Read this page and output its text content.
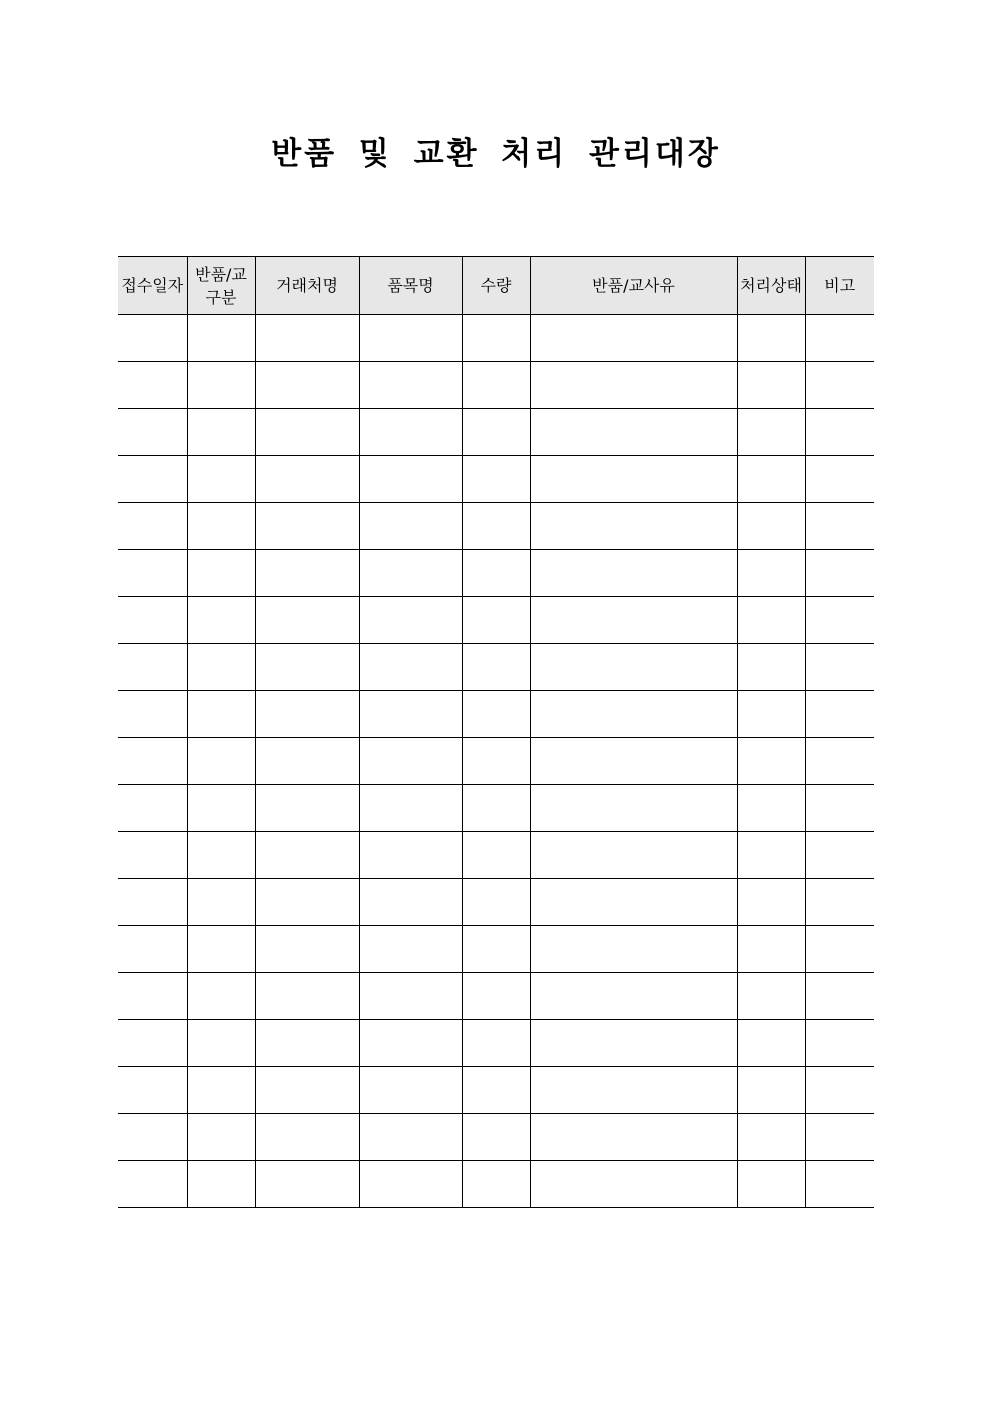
반품 및 교환 처리 관리대장
접수일자	반품/교구분	거래처명	품목명	수량	반품/교사유	처리상태	비고
